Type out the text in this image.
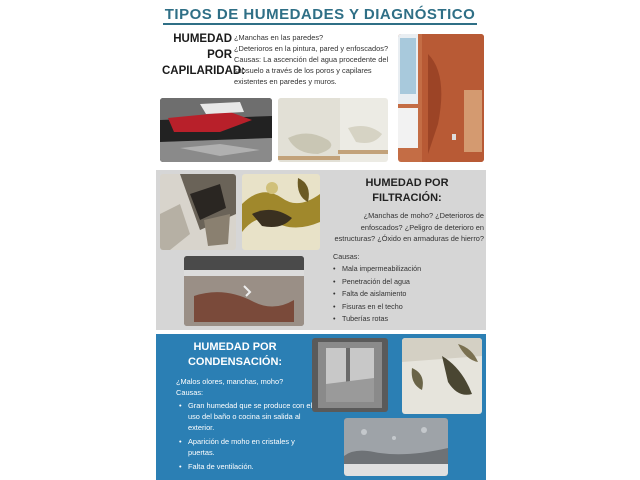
TIPOS DE HUMEDADES Y DIAGNÓSTICO
HUMEDAD POR
CAPILARIDAD:
¿Manchas en las paredes?
¿Deterioros en la pintura, pared y enfoscados?
Causas: La ascención del agua procedente del
subsuelo a través de los poros y capilares
existentes en paredes y muros.
HUMEDAD POR
FILTRACIÓN:
¿Manchas de moho? ¿Deterioros de
enfoscados? ¿Peligro de deterioro en
estructuras? ¿Óxido en armaduras de hierro?
Causas:
• Mala impermeabilización
• Penetración del agua
• Falta de aislamiento
• Fisuras en el techo
• Tuberías rotas
HUMEDAD POR
CONDENSACIÓN:
¿Malos olores, manchas, moho?
Causas:
• Gran humedad que se produce con el uso del baño o cocina sin salida al exterior.
• Aparición de moho en cristales y puertas.
• Falta de ventilación.
